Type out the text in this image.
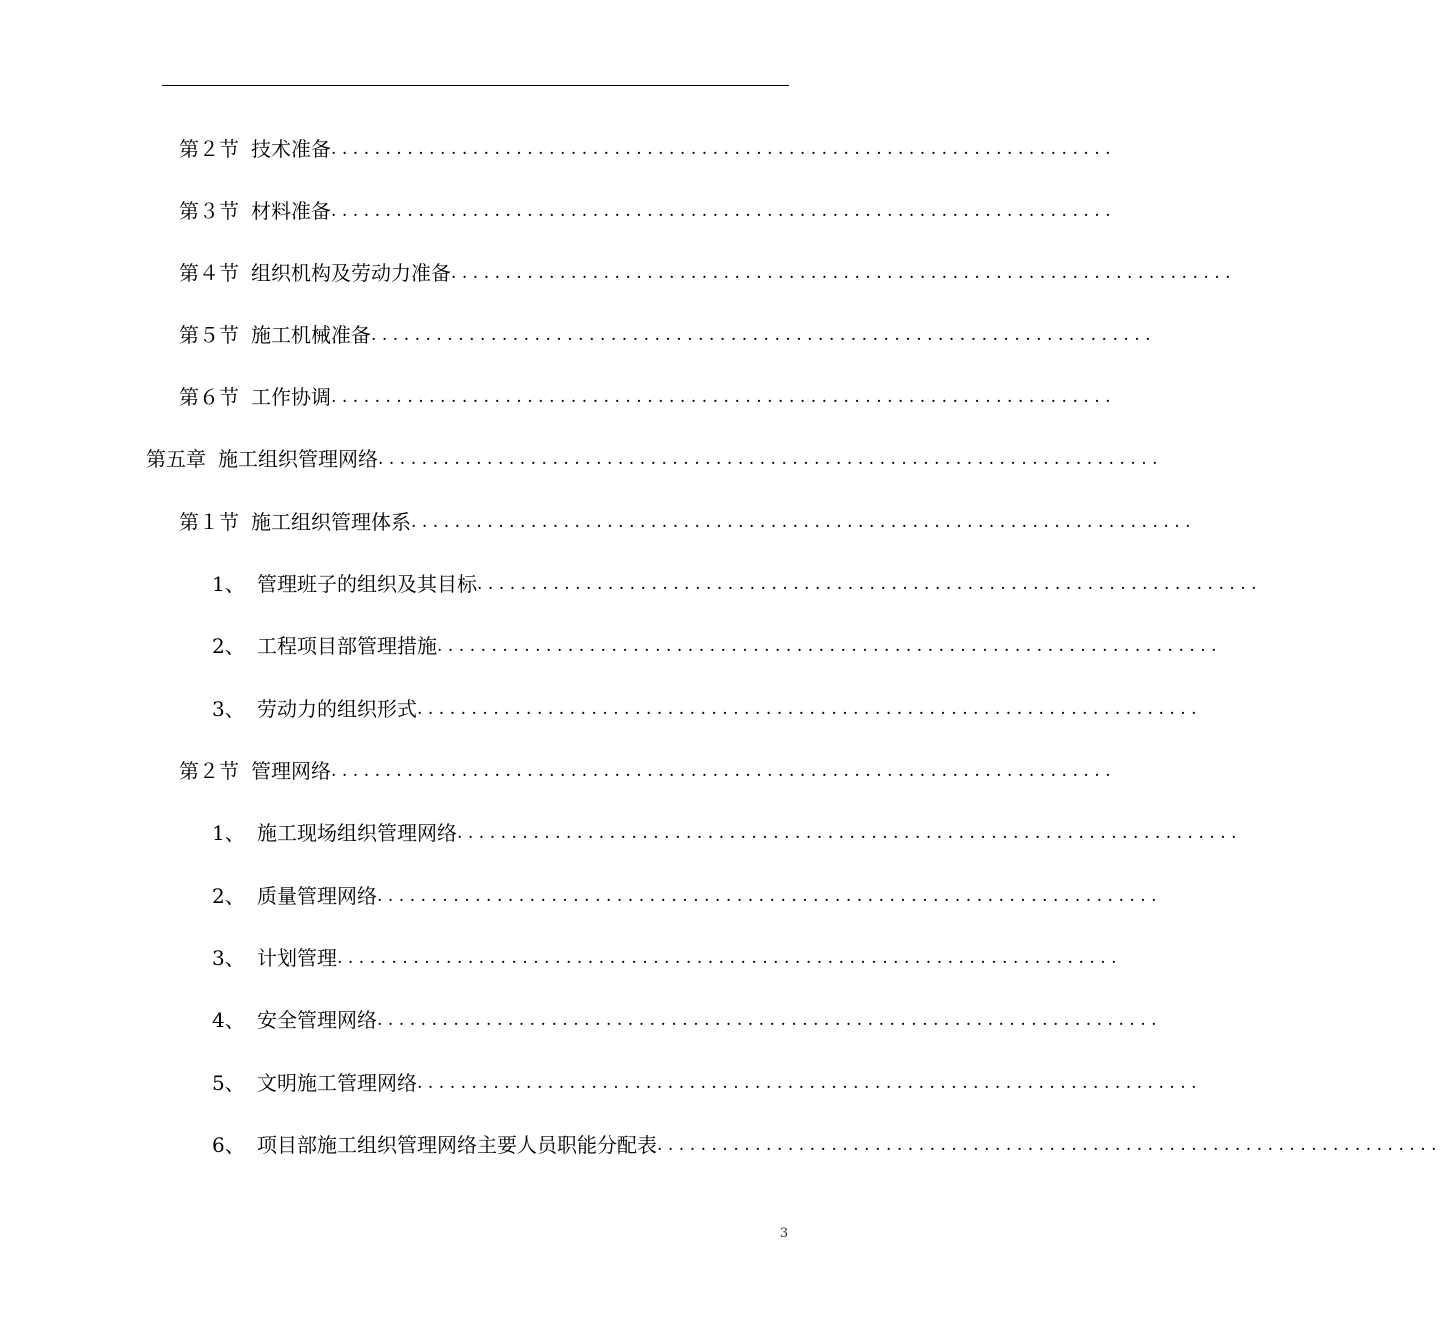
第２节 技术准备 ........................................................................
第３节 材料准备 ........................................................................
第４节 组织机构及劳动力准备 ........................................................................
第５节 施工机械准备 ........................................................................
第６节 工作协调 ........................................................................
第五章 施工组织管理网络 ........................................................................
第１节 施工组织管理体系 ........................................................................
1、 管理班子的组织及其目标 ........................................................................
2、 工程项目部管理措施 ........................................................................
3、 劳动力的组织形式 ........................................................................
第２节 管理网络 ........................................................................
1、 施工现场组织管理网络 ........................................................................
2、 质量管理网络 ........................................................................
3、 计划管理 ........................................................................
4、 安全管理网络 ........................................................................
5、 文明施工管理网络 ........................................................................
6、 项目部施工组织管理网络主要人员职能分配表 ........................................................................
3
